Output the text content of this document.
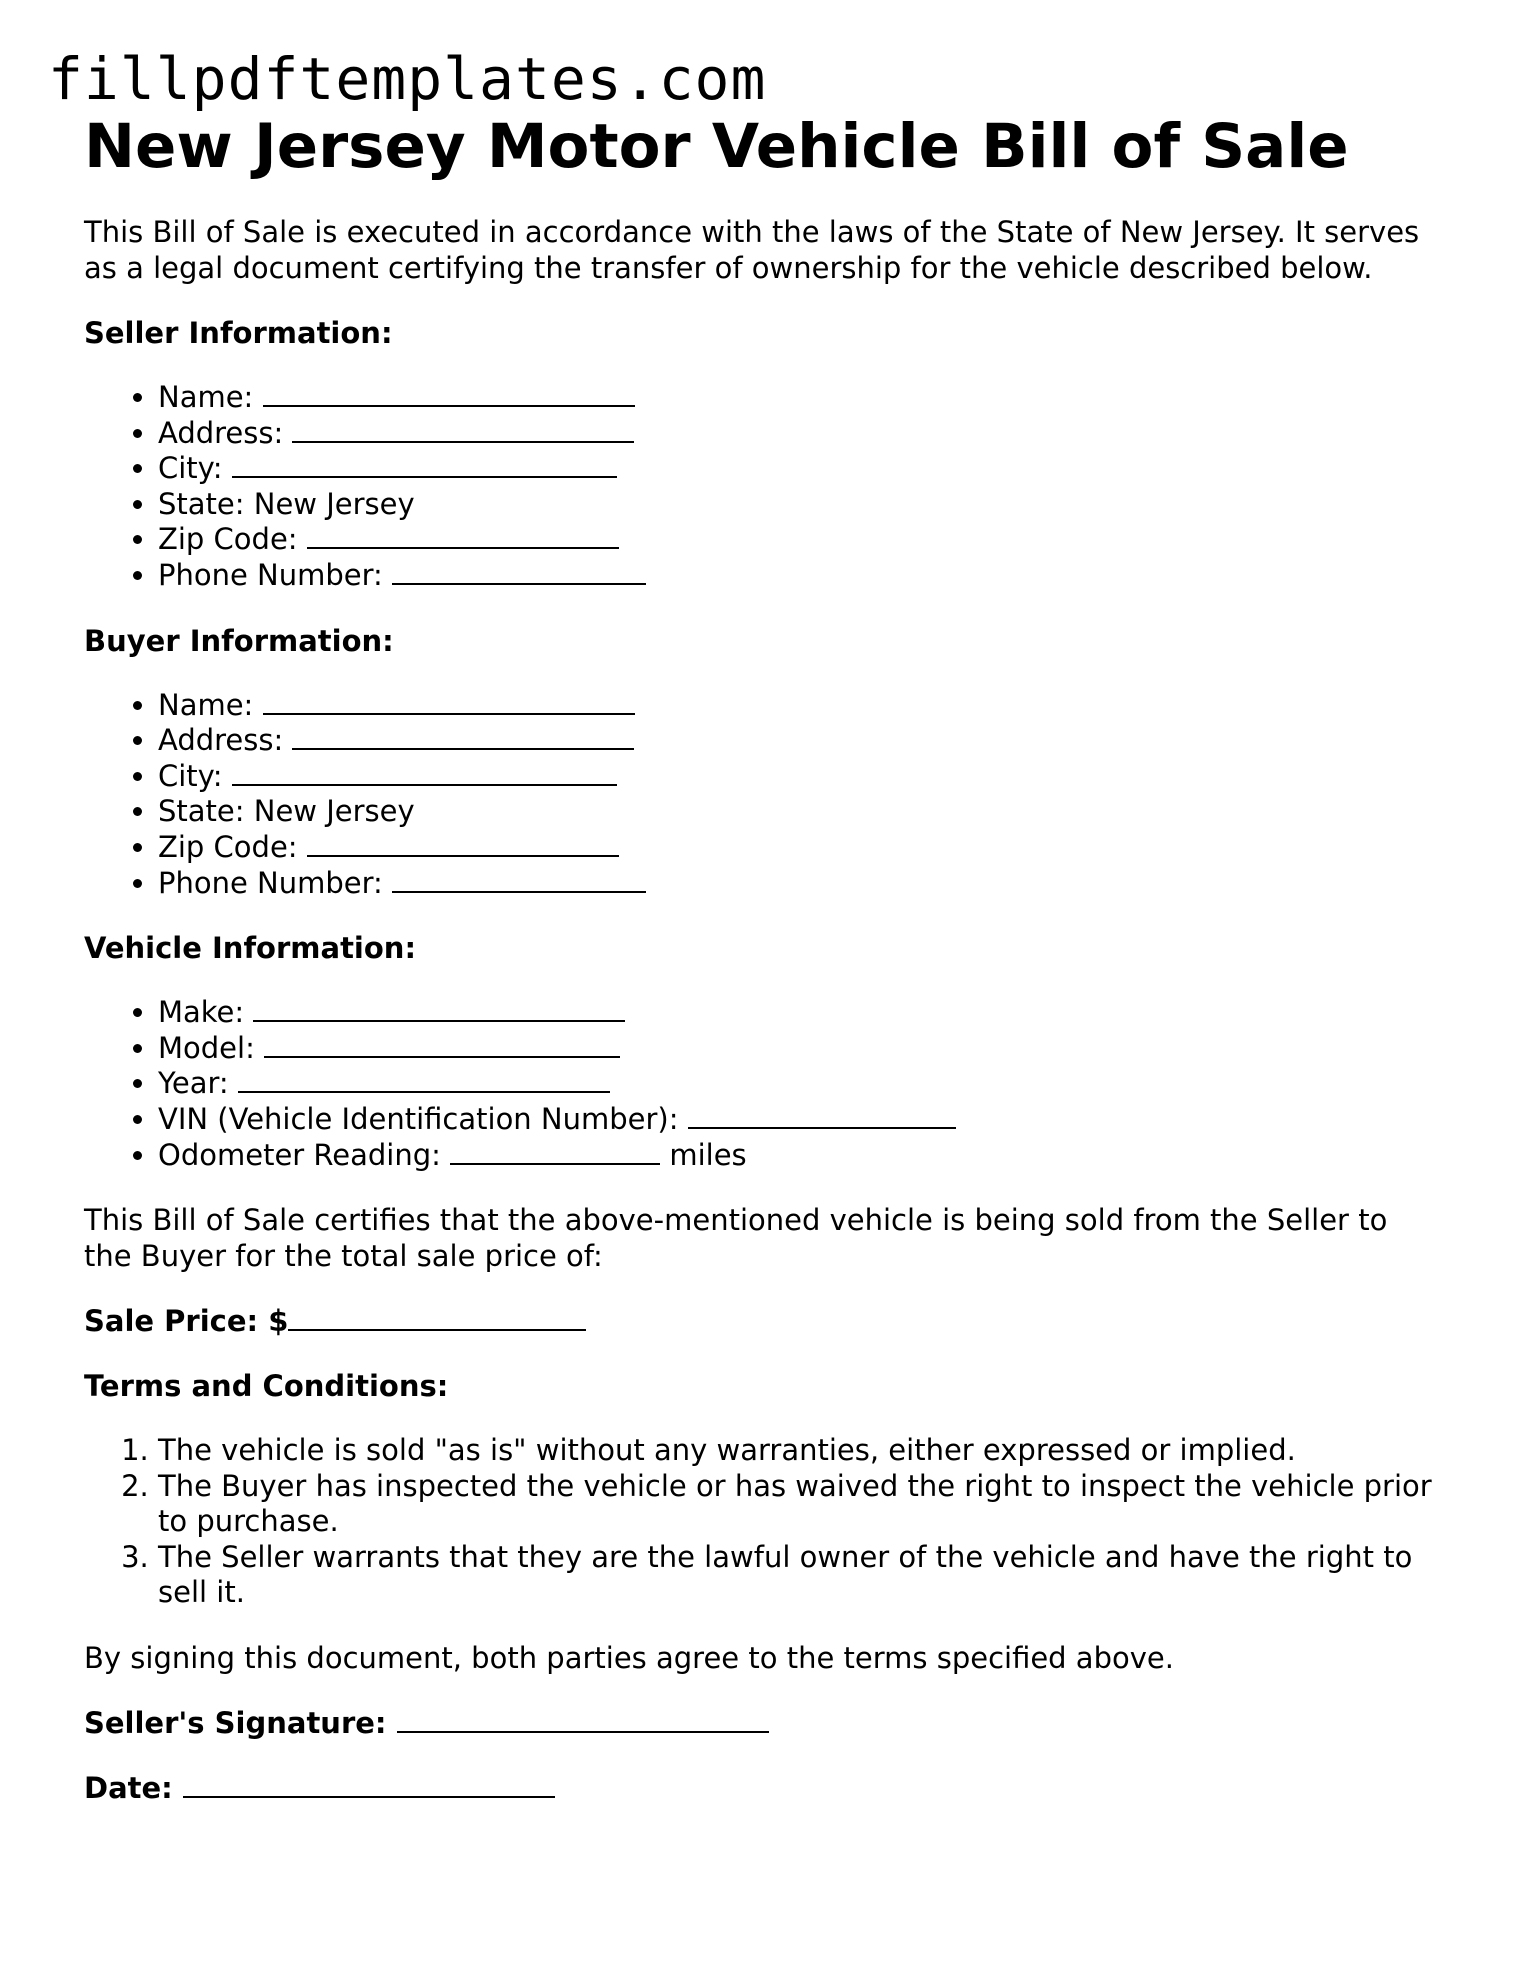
fillpdftemplates.com
New Jersey Motor Vehicle Bill of Sale

This Bill of Sale is executed in accordance with the laws of the State of New Jersey. It serves as a legal document certifying the transfer of ownership for the vehicle described below.

Seller Information:

• Name:
• Address:
• City:
• State: New Jersey
• Zip Code:
• Phone Number:

Buyer Information:

• Name:
• Address:
• City:
• State: New Jersey
• Zip Code:
• Phone Number:

Vehicle Information:

• Make:
• Model:
• Year:
• VIN (Vehicle Identification Number):
• Odometer Reading:	miles

This Bill of Sale certifies that the above-mentioned vehicle is being sold from the Seller to the Buyer for the total sale price of:

Sale Price: $

Terms and Conditions:

1. The vehicle is sold "as is" without any warranties, either expressed or implied.
2. The Buyer has inspected the vehicle or has waived the right to inspect the vehicle prior to purchase.
3. The Seller warrants that they are the lawful owner of the vehicle and have the right to sell it.

By signing this document, both parties agree to the terms specified above.

Seller's Signature:

Date:
